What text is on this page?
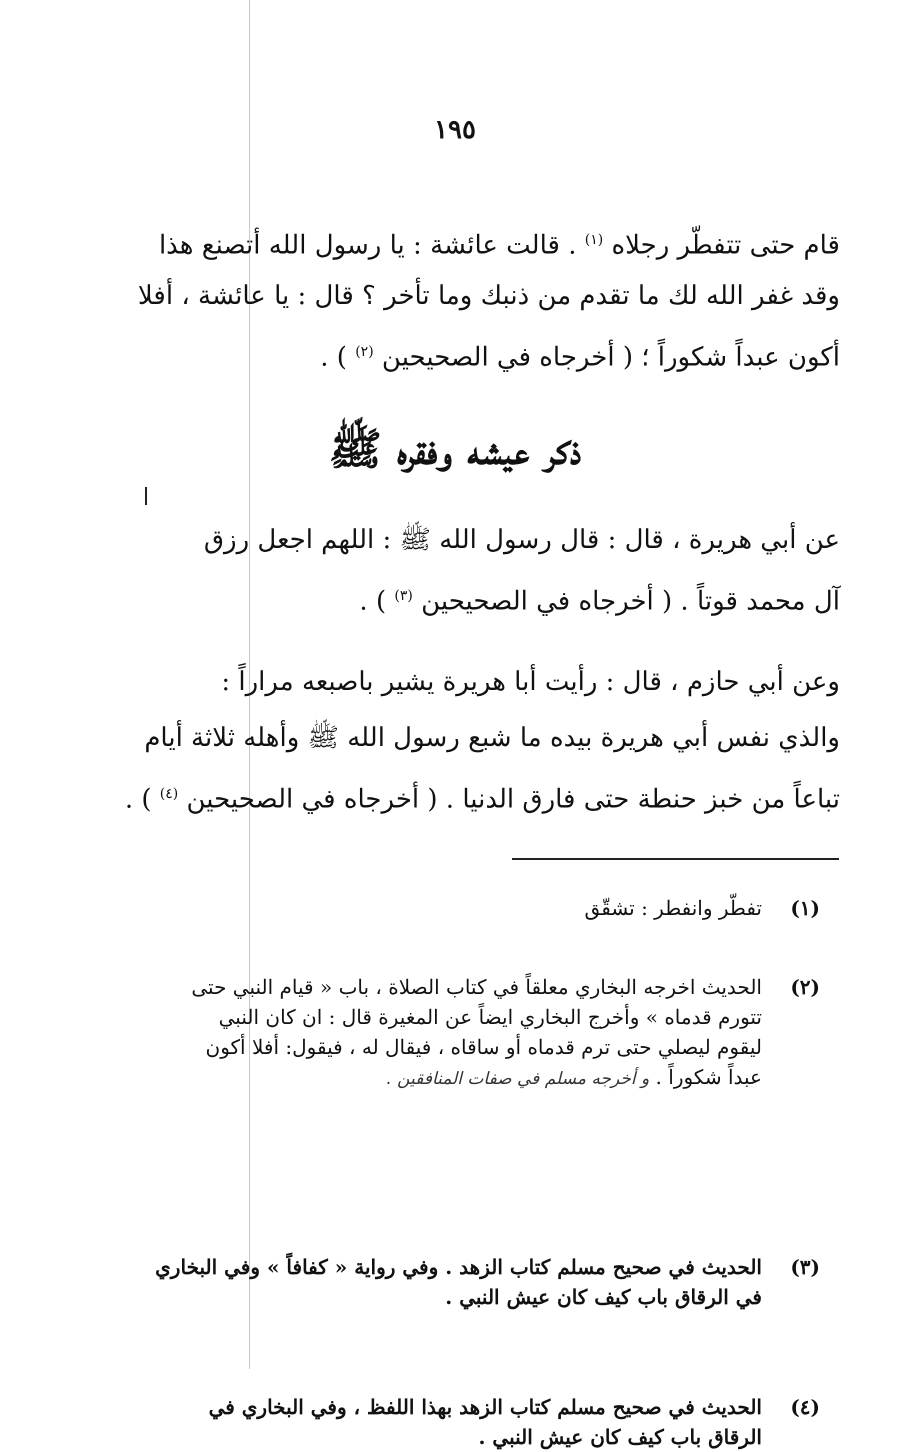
١٩٥
قام حتى تتفطّر رجلاه $^{(١)}$ . قالت عائشة : يا رسول الله أتصنع هذا
وقد غفر الله لك ما تقدم من ذنبك وما تأخر ؟ قال : يا عائشة ، أفلا
أكون عبداً شكوراً ؛ ( أخرجاه في الصحيحين $^{(٢)}$ ) .
ذكر عيشه وفقره ﷺ
عن أبي هريرة ، قال : قال رسول الله ﷺ : اللهم اجعل رزق
آل محمد قوتاً . ( أخرجاه في الصحيحين $^{(٣)}$ ) .
وعن أبي حازم ، قال : رأيت أبا هريرة يشير باصبعه مراراً :
والذي نفس أبي هريرة بيده ما شبع رسول الله ﷺ وأهله ثلاثة أيام
تباعاً من خبز حنطة حتى فارق الدنيا . ( أخرجاه في الصحيحين $^{(٤)}$ ) .
(١)
تفطّر وانفطر : تشقّق
(٢)
الحديث اخرجه البخاري معلقاً في كتاب الصلاة ، باب « قيام النبي حتى
تتورم قدماه » وأخرج البخاري ايضاً عن المغيرة قال : ان كان النبي
ليقوم ليصلي حتى ترم قدماه أو ساقاه ، فيقال له ، فيقول: أفلا أكون
عبداً شكوراً . و أخرجه مسلم في صفات المنافقين .
(٣)
الحديث في صحيح مسلم كتاب الزهد . وفي رواية « كفافاً » وفي البخاري
في الرقاق باب كيف كان عيش النبي .
(٤)
الحديث في صحيح مسلم كتاب الزهد بهذا اللفظ ، وفي البخاري في
الرقاق باب كيف كان عيش النبي .
